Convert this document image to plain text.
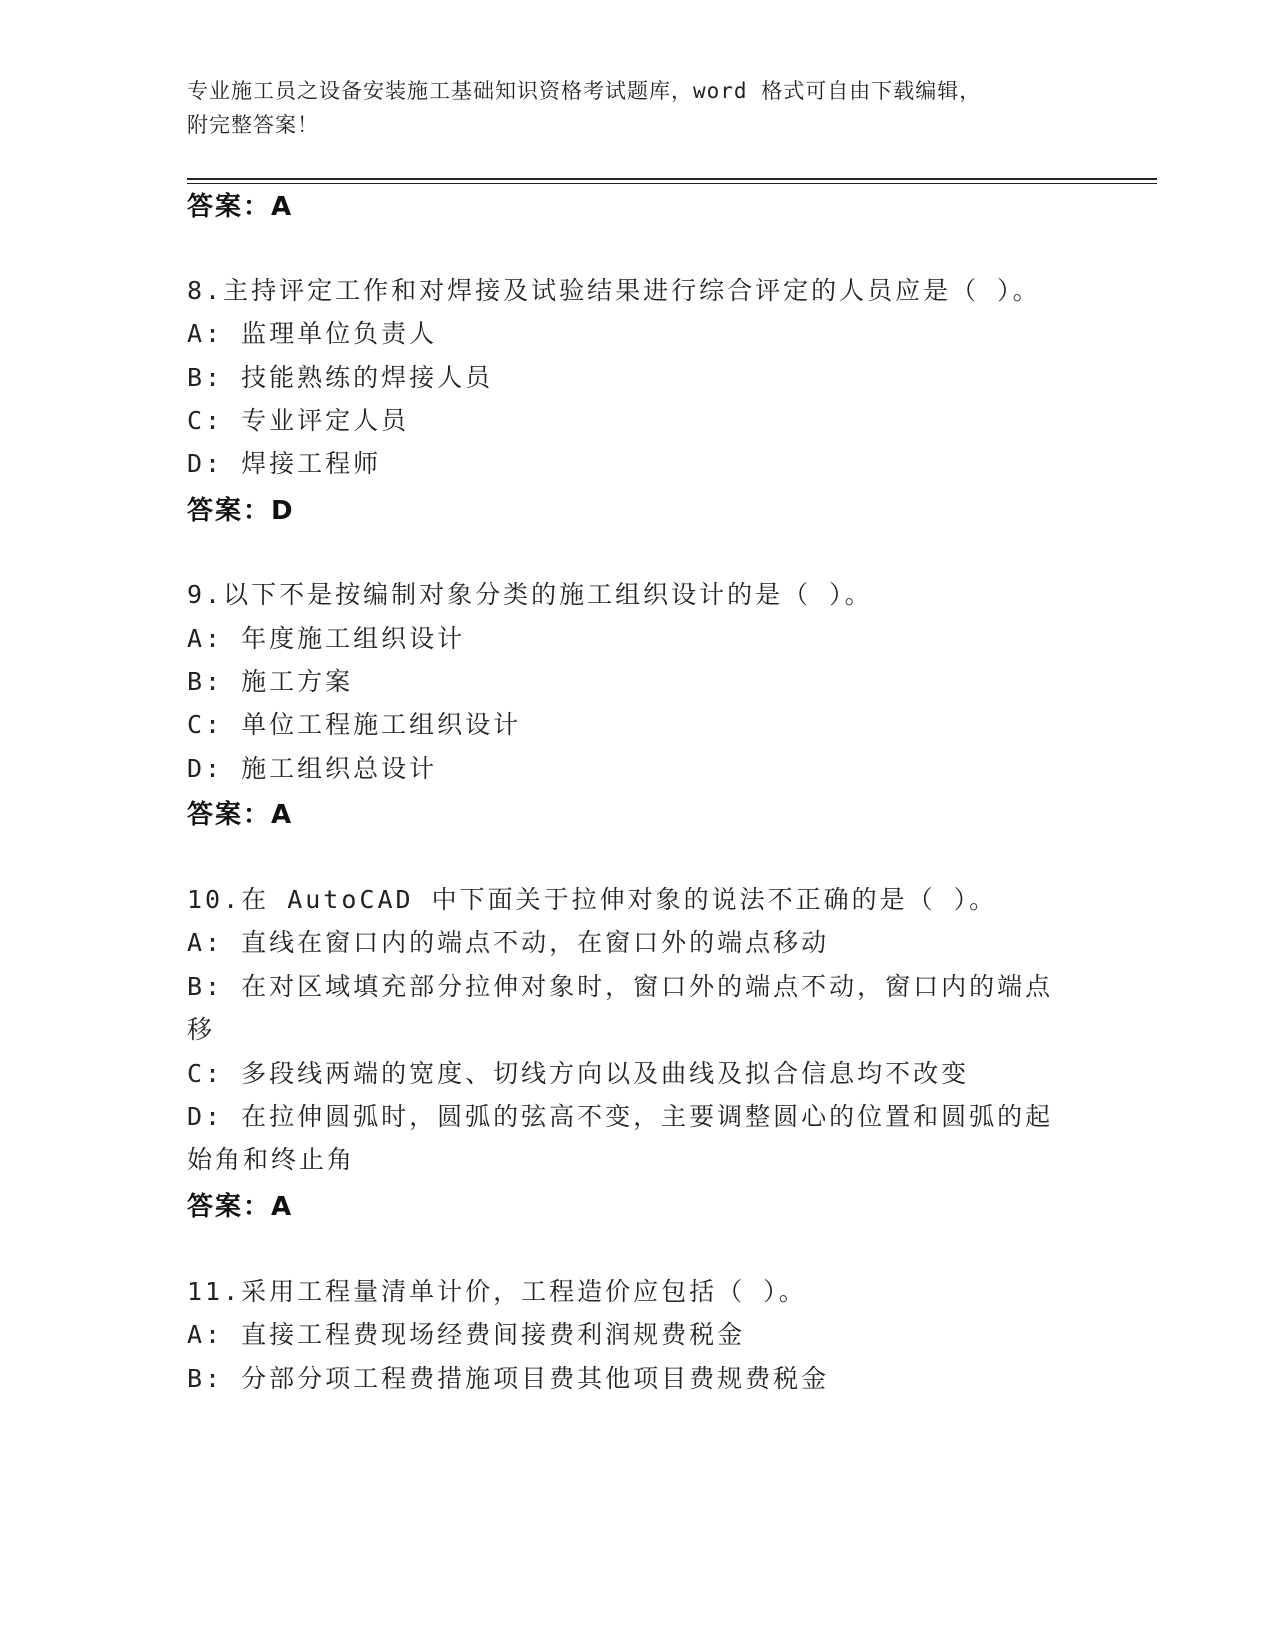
专业施工员之设备安装施工基础知识资格考试题库，word 格式可自由下载编辑，
附完整答案！
答案：A
8.主持评定工作和对焊接及试验结果进行综合评定的人员应是（ ）。
A: 监理单位负责人
B: 技能熟练的焊接人员
C: 专业评定人员
D: 焊接工程师
答案：D
9.以下不是按编制对象分类的施工组织设计的是（ ）。
A: 年度施工组织设计
B: 施工方案
C: 单位工程施工组织设计
D: 施工组织总设计
答案：A
10.在 AutoCAD 中下面关于拉伸对象的说法不正确的是（ ）。
A: 直线在窗口内的端点不动，在窗口外的端点移动
B: 在对区域填充部分拉伸对象时，窗口外的端点不动，窗口内的端点
移
C: 多段线两端的宽度、切线方向以及曲线及拟合信息均不改变
D: 在拉伸圆弧时，圆弧的弦高不变，主要调整圆心的位置和圆弧的起
始角和终止角
答案：A
11.采用工程量清单计价，工程造价应包括（ ）。
A: 直接工程费现场经费间接费利润规费税金
B: 分部分项工程费措施项目费其他项目费规费税金
